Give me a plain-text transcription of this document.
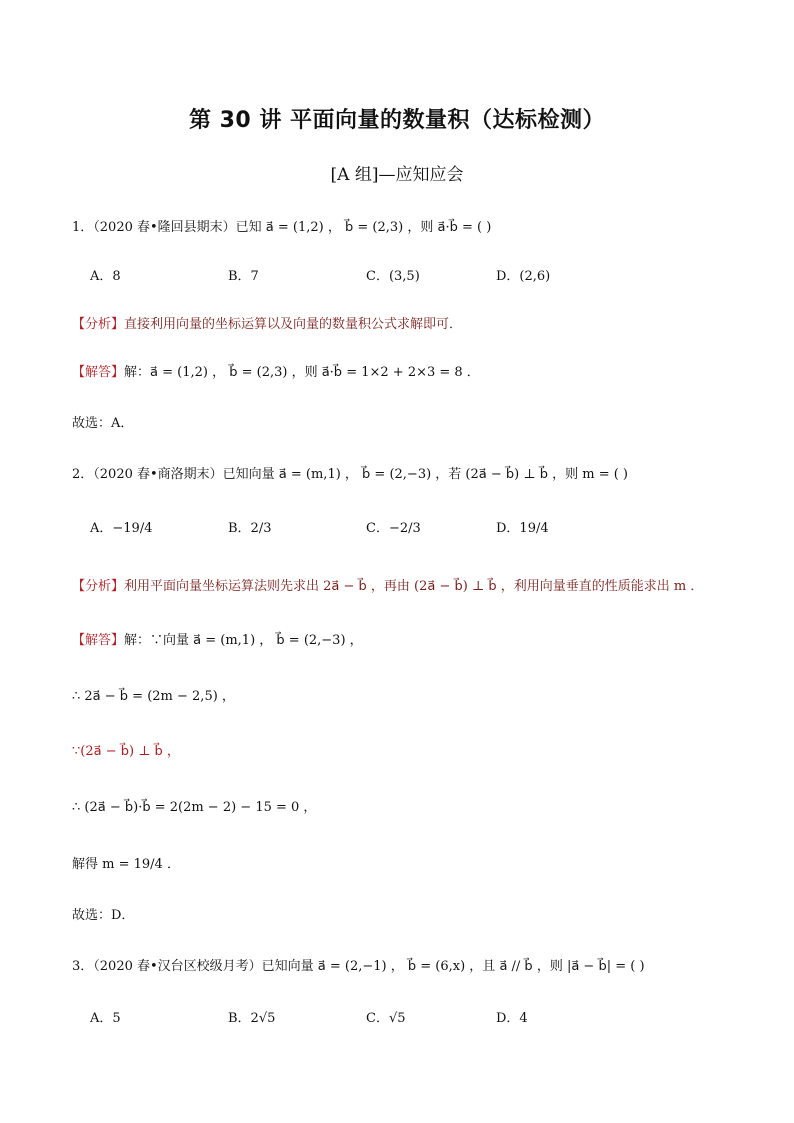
第 30 讲 平面向量的数量积（达标检测）
[A 组]—应知应会
1．（2020 春•隆回县期末）已知 a⃗ = (1,2) ， b⃗ = (2,3) ，则 a⃗·b⃗ = ( )
A．8	B．7	C．(3,5)	D．(2,6)
【分析】直接利用向量的坐标运算以及向量的数量积公式求解即可．
【解答】解：a⃗ = (1,2) ， b⃗ = (2,3) ，则 a⃗·b⃗ = 1×2 + 2×3 = 8 ．
故选：A．
2．（2020 春•商洛期末）已知向量 a⃗ = (m,1) ， b⃗ = (2,−3) ，若 (2a⃗ − b⃗) ⊥ b⃗ ，则 m = ( )
A．−19/4	B．2/3	C．−2/3	D．19/4
【分析】利用平面向量坐标运算法则先求出 2a⃗ − b⃗ ，再由 (2a⃗ − b⃗) ⊥ b⃗ ，利用向量垂直的性质能求出 m ．
【解答】解：∵向量 a⃗ = (m,1) ， b⃗ = (2,−3) ，
∴ 2a⃗ − b⃗ = (2m − 2,5) ，
∵(2a⃗ − b⃗) ⊥ b⃗ ，
∴ (2a⃗ − b⃗)·b⃗ = 2(2m − 2) − 15 = 0 ，
解得 m = 19/4 ．
故选：D．
3．（2020 春•汉台区校级月考）已知向量 a⃗ = (2,−1) ， b⃗ = (6,x) ，且 a⃗ // b⃗ ，则 |a⃗ − b⃗| = ( )
A．5	B．2√5	C．√5	D．4
